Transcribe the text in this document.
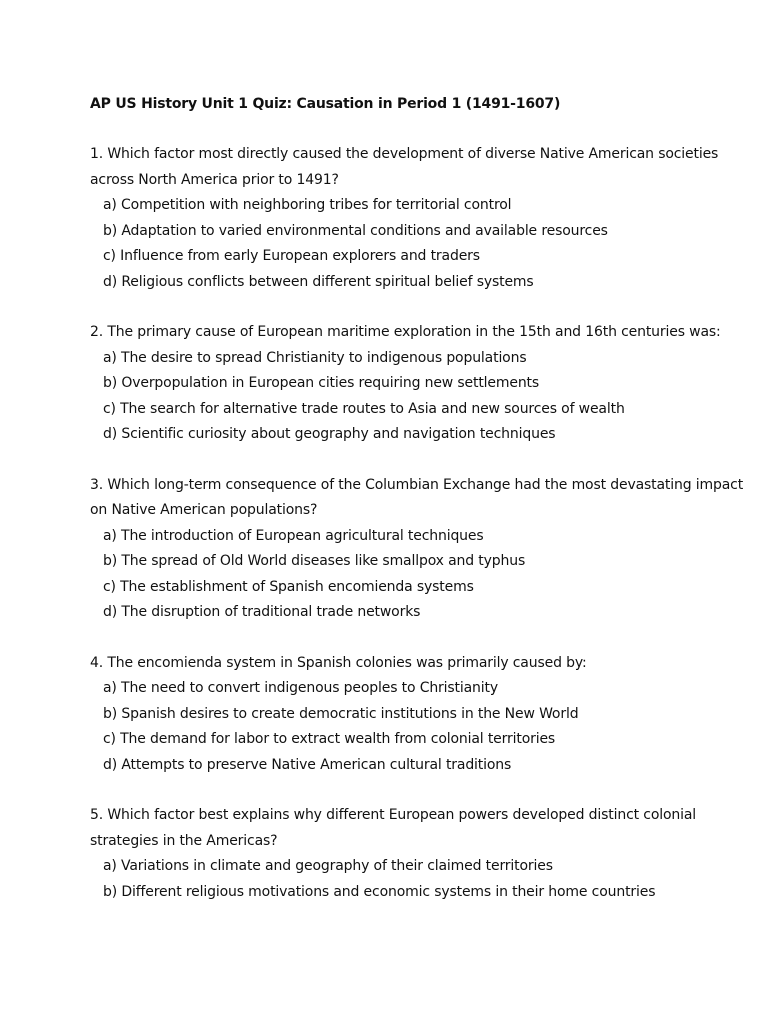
AP US History Unit 1 Quiz: Causation in Period 1 (1491-1607)

1. Which factor most directly caused the development of diverse Native American societies across North America prior to 1491?

a) Competition with neighboring tribes for territorial control
b) Adaptation to varied environmental conditions and available resources
c) Influence from early European explorers and traders
d) Religious conflicts between different spiritual belief systems

2. The primary cause of European maritime exploration in the 15th and 16th centuries was:

a) The desire to spread Christianity to indigenous populations
b) Overpopulation in European cities requiring new settlements
c) The search for alternative trade routes to Asia and new sources of wealth
d) Scientific curiosity about geography and navigation techniques

3. Which long-term consequence of the Columbian Exchange had the most devastating impact on Native American populations?

a) The introduction of European agricultural techniques
b) The spread of Old World diseases like smallpox and typhus
c) The establishment of Spanish encomienda systems
d) The disruption of traditional trade networks

4. The encomienda system in Spanish colonies was primarily caused by:

a) The need to convert indigenous peoples to Christianity
b) Spanish desires to create democratic institutions in the New World
c) The demand for labor to extract wealth from colonial territories
d) Attempts to preserve Native American cultural traditions

5. Which factor best explains why different European powers developed distinct colonial strategies in the Americas?

a) Variations in climate and geography of their claimed territories
b) Different religious motivations and economic systems in their home countries
